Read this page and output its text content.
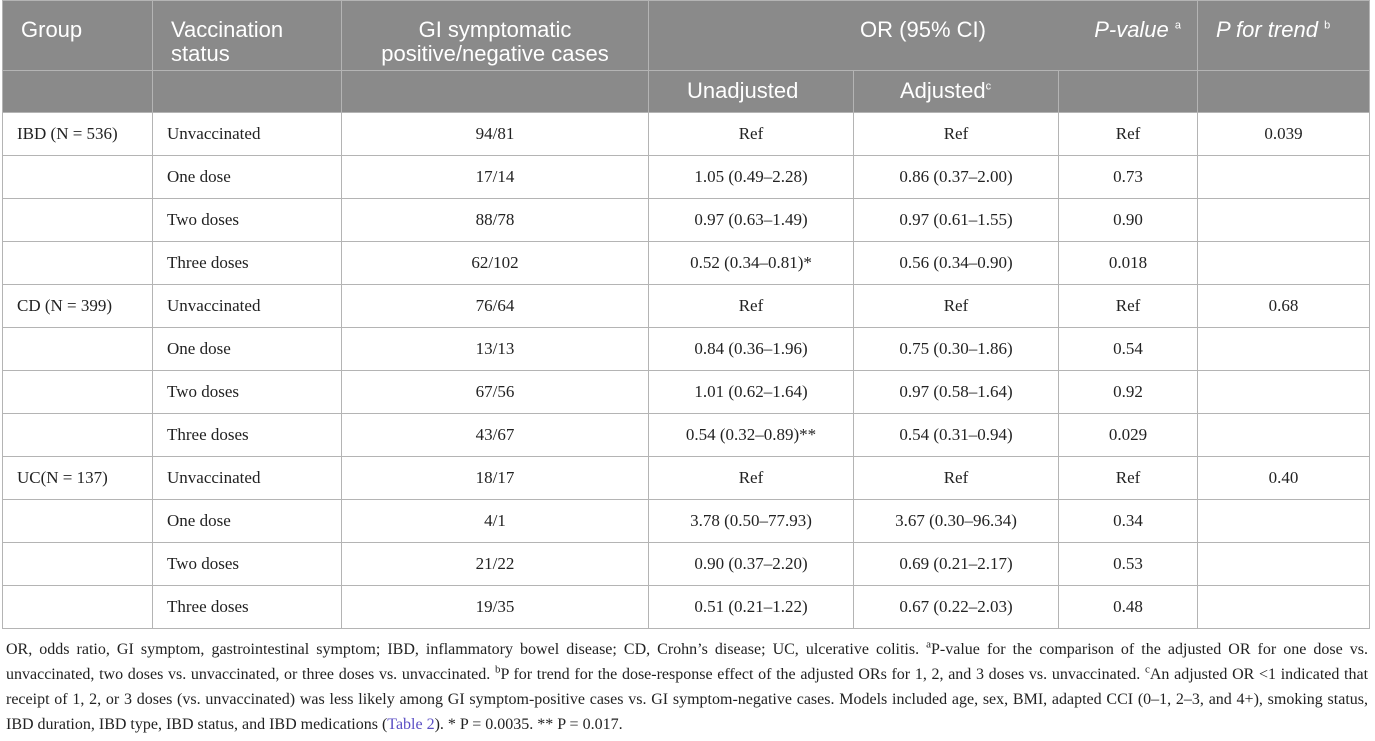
Group	Vaccination status	GI symptomatic positive/negative cases	OR (95% CI) P-value $^a$			P for trend $^b$
			Unadjusted	Adjusted$^c$		
IBD (N = 536)	Unvaccinated	94/81	Ref	Ref	Ref	0.039
	One dose	17/14	1.05 (0.49–2.28)	0.86 (0.37–2.00)	0.73	
	Two doses	88/78	0.97 (0.63–1.49)	0.97 (0.61–1.55)	0.90	
	Three doses	62/102	0.52 (0.34–0.81)*	0.56 (0.34–0.90)	0.018	
CD (N = 399)	Unvaccinated	76/64	Ref	Ref	Ref	0.68
	One dose	13/13	0.84 (0.36–1.96)	0.75 (0.30–1.86)	0.54	
	Two doses	67/56	1.01 (0.62–1.64)	0.97 (0.58–1.64)	0.92	
	Three doses	43/67	0.54 (0.32–0.89)**	0.54 (0.31–0.94)	0.029	
UC(N = 137)	Unvaccinated	18/17	Ref	Ref	Ref	0.40
	One dose	4/1	3.78 (0.50–77.93)	3.67 (0.30–96.34)	0.34	
	Two doses	21/22	0.90 (0.37–2.20)	0.69 (0.21–2.17)	0.53	
	Three doses	19/35	0.51 (0.21–1.22)	0.67 (0.22–2.03)	0.48	
OR, odds ratio, GI symptom, gastrointestinal symptom; IBD, inflammatory bowel disease; CD, Crohn’s disease; UC, ulcerative colitis. $^a$P-value for the comparison of the adjusted OR for one dose vs. unvaccinated, two doses vs. unvaccinated, or three doses vs. unvaccinated. $^b$P for trend for the dose-response effect of the adjusted ORs for 1, 2, and 3 doses vs. unvaccinated. $^c$An adjusted OR <1 indicated that receipt of 1, 2, or 3 doses (vs. unvaccinated) was less likely among GI symptom-positive cases vs. GI symptom-negative cases. Models included age, sex, BMI, adapted CCI (0–1, 2–3, and 4+), smoking status, IBD duration, IBD type, IBD status, and IBD medications (Table 2). * P = 0.0035. ** P = 0.017.
